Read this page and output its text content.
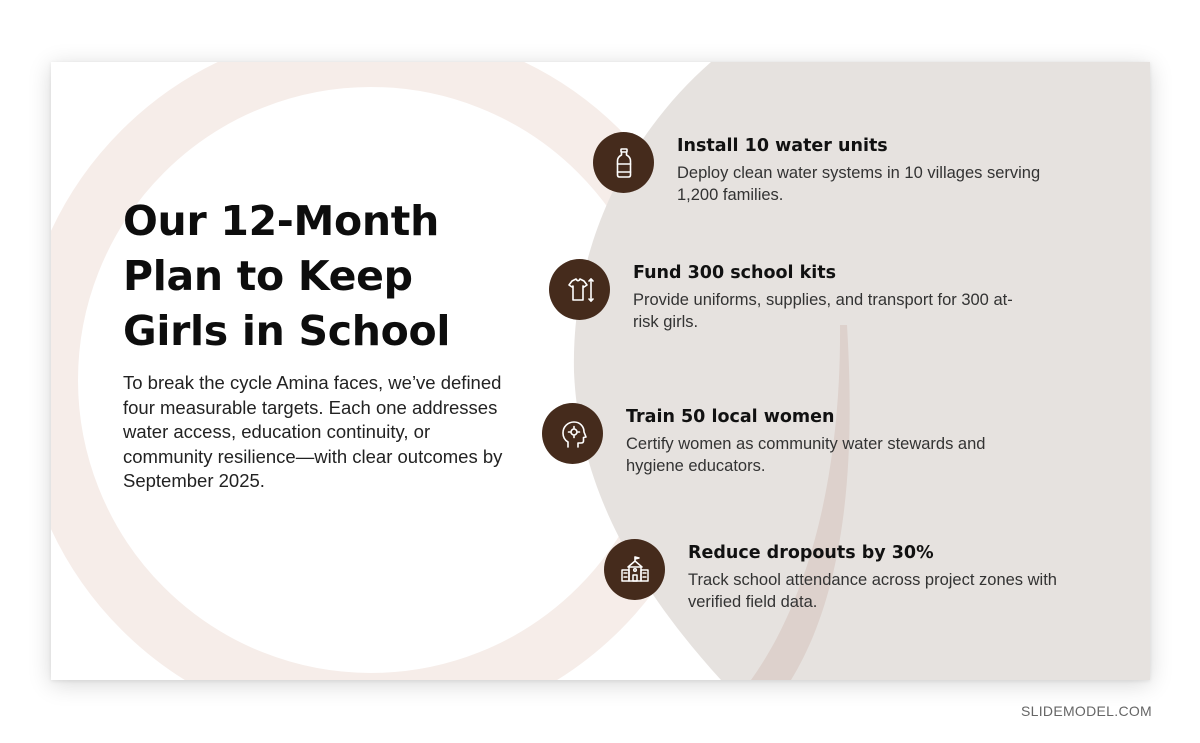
Our 12-Month Plan to Keep Girls in School

To break the cycle Amina faces, we’ve defined four measurable targets. Each one addresses water access, education continuity, or community resilience—with clear outcomes by September 2025.

Install 10 water units
Deploy clean water systems in 10 villages serving 1,200 families.
Fund 300 school kits
Provide uniforms, supplies, and transport for 300 at-risk girls.
Train 50 local women
Certify women as community water stewards and hygiene educators.
Reduce dropouts by 30%
Track school attendance across project zones with verified field data.
SLIDEMODEL.COM
